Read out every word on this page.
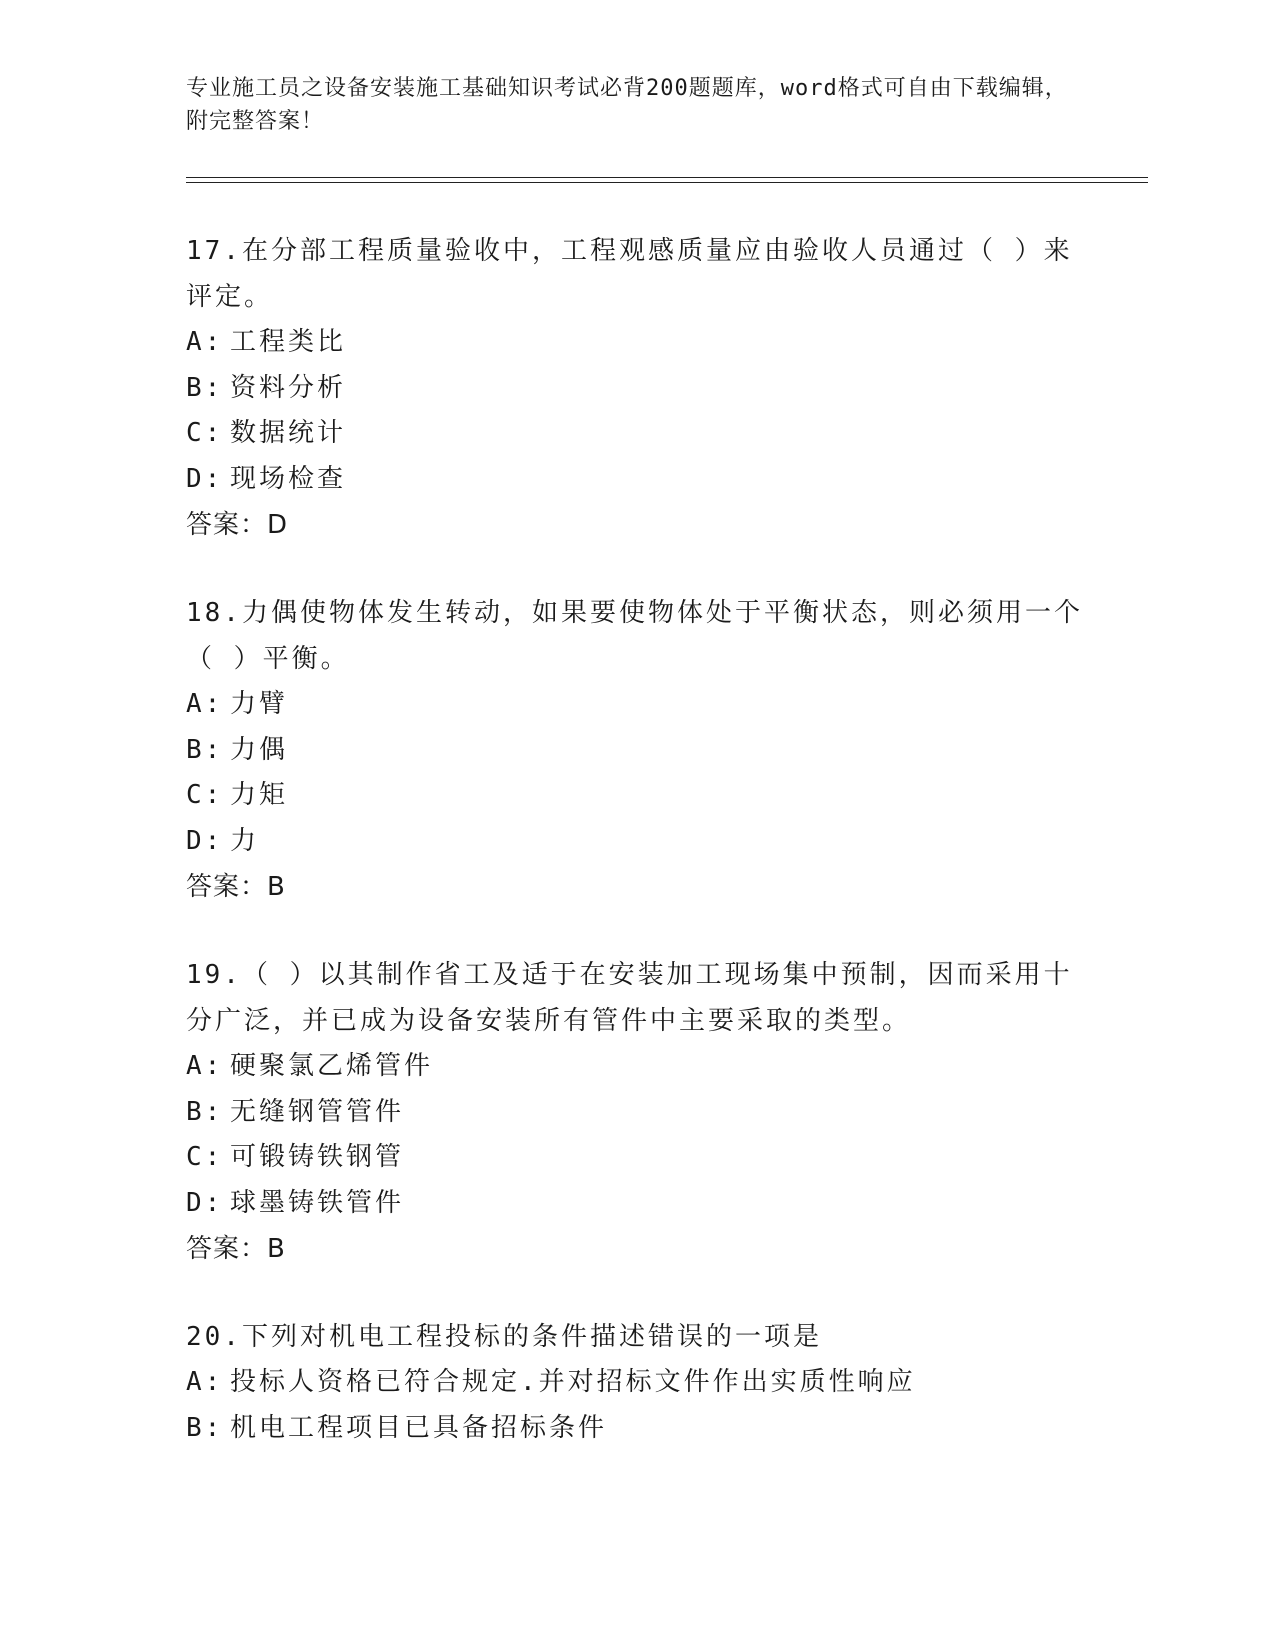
专业施工员之设备安装施工基础知识考试必背200题题库，word格式可自由下载编辑，附完整答案！

17.在分部工程质量验收中，工程观感质量应由验收人员通过（ ）来评定。

A: 工程类比

B: 资料分析

C: 数据统计

D: 现场检查

答案：D

18.力偶使物体发生转动，如果要使物体处于平衡状态，则必须用一个（ ）平衡。

A: 力臂

B: 力偶

C: 力矩

D: 力

答案：B

19.（ ）以其制作省工及适于在安装加工现场集中预制，因而采用十分广泛，并已成为设备安装所有管件中主要采取的类型。

A: 硬聚氯乙烯管件

B: 无缝钢管管件

C: 可锻铸铁钢管

D: 球墨铸铁管件

答案：B

20.下列对机电工程投标的条件描述错误的一项是

A: 投标人资格已符合规定.并对招标文件作出实质性响应

B: 机电工程项目已具备招标条件
